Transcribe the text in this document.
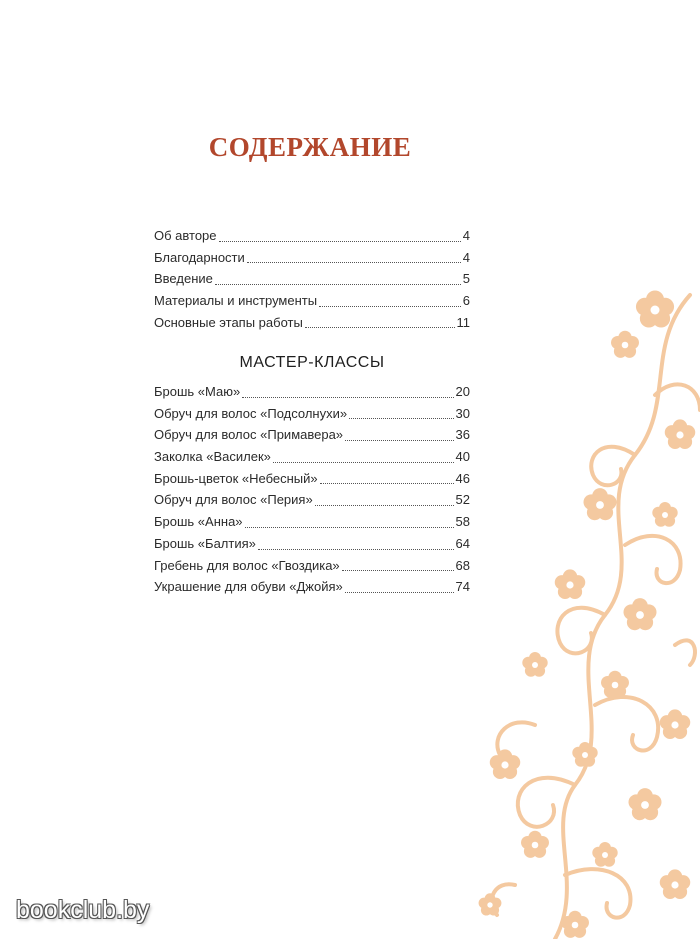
СОДЕРЖАНИЕ
Об авторе	4
Благодарности	4
Введение	5
Материалы и инструменты	6
Основные этапы работы	11
МАСТЕР-КЛАССЫ
Брошь «Маю»	20
Обруч для волос «Подсолнухи»	30
Обруч для волос «Примавера»	36
Заколка «Василек»	40
Брошь-цветок «Небесный»	46
Обруч для волос «Перия»	52
Брошь «Анна»	58
Брошь «Балтия»	64
Гребень для волос «Гвоздика»	68
Украшение для обуви «Джойя»	74
bookclub.by
